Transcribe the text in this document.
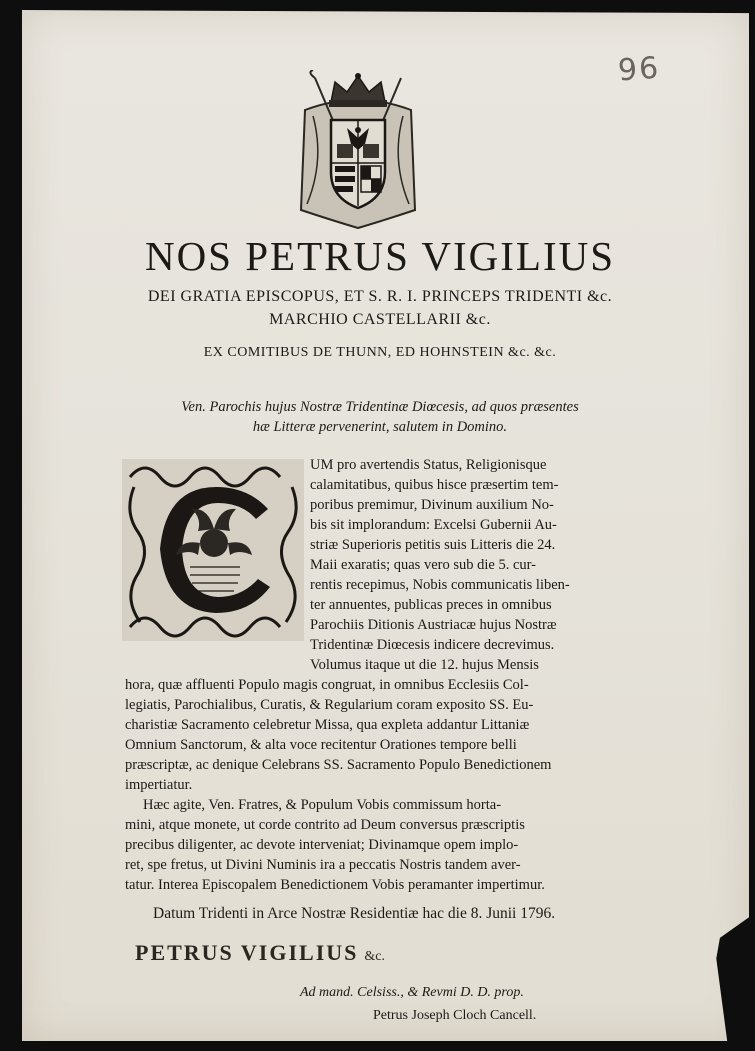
96
NOS PETRUS VIGILIUS

DEI GRATIA EPISCOPUS, ET S. R. I. PRINCEPS TRIDENTI &c.

MARCHIO CASTELLARII &c.

EX COMITIBUS DE THUNN, ED HOHNSTEIN &c. &c.

Ven. Parochis hujus Nostræ Tridentinæ Diœcesis, ad quos præsentes
hæ Litteræ pervenerint, salutem in Domino.
UM pro avertendis Status, Religionisque
calamitatibus, quibus hisce præsertim tem-
poribus premimur, Divinum auxilium No-
bis sit implorandum: Excelsi Gubernii Au-
striæ Superioris petitis suis Litteris die 24.
Maii exaratis; quas vero sub die 5. cur-
rentis recepimus, Nobis communicatis liben-
ter annuentes, publicas preces in omnibus
Parochiis Ditionis Austriacæ hujus Nostræ
Tridentinæ Diœcesis indicere decrevimus.
Volumus itaque ut die 12. hujus Mensis
hora, quæ affluenti Populo magis congruat, in omnibus Ecclesiis Col-
legiatis, Parochialibus, Curatis, & Regularium coram exposito SS. Eu-
charistiæ Sacramento celebretur Missa, qua expleta addantur Littaniæ
Omnium Sanctorum, & alta voce recitentur Orationes tempore belli
præscriptæ, ac denique Celebrans SS. Sacramento Populo Benedictionem
impertiatur.
Hæc agite, Ven. Fratres, & Populum Vobis commissum horta-
mini, atque monete, ut corde contrito ad Deum conversus præscriptis
precibus diligenter, ac devote interveniat; Divinamque opem implo-
ret, spe fretus, ut Divini Numinis ira a peccatis Nostris tandem aver-
tatur. Interea Episcopalem Benedictionem Vobis peramanter impertimur.
Datum Tridenti in Arce Nostræ Residentiæ hac die 8. Junii 1796.
PETRUS VIGILIUS &c.
Ad mand. Celsiss., & Revmi D. D. prop.
Petrus Joseph Cloch Cancell.
